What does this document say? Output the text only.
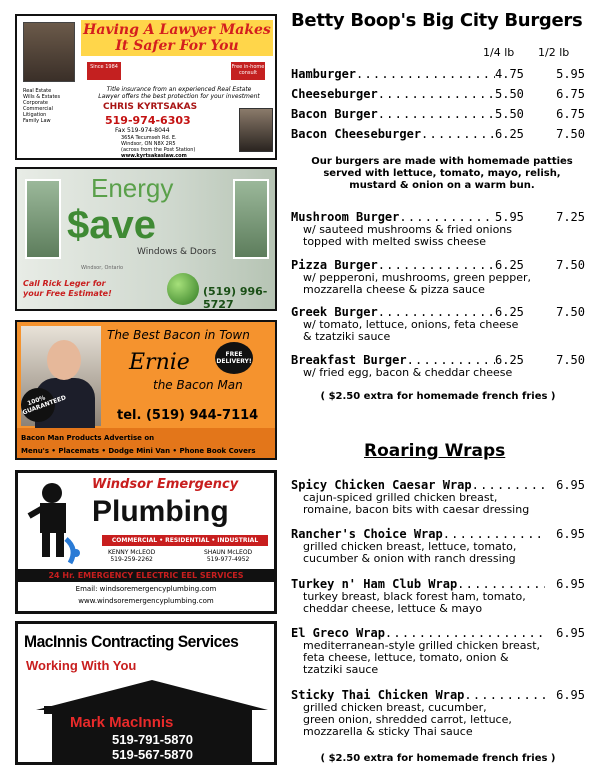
Real Estate
Wills & Estates
Corporate
Commercial
Litigation
Family Law
Having A Lawyer Makes It Safer For You
Since 1984	Free in-home consult
Title insurance from an experienced Real Estate Lawyer offers the best protection for your investment
CHRIS KYRTSAKAS
519-974-6303
Fax 519-974-8044
365A Tecumseh Rd. E.
Windsor, ON N8X 2R5
(across from the Post Station)
www.kyrtsakaslaw.com
Energy
$ave
Windows & Doors
Windsor, Ontario
Call Rick Leger for
your Free Estimate!	(519) 996-5727
100% GUARANTEED
The Best Bacon in Town
Ernie
the Bacon Man
FREE DELIVERY!
tel. (519) 944-7114
Bacon Man Products Advertise on
Menu's • Placemats • Dodge Mini Van • Phone Book Covers
Windsor Emergency
Plumbing
COMMERCIAL • RESIDENTIAL • INDUSTRIAL
KENNY McLEOD
519-259-2262
SHAUN McLEOD
519-977-4952
24 Hr. EMERGENCY ELECTRIC EEL SERVICES
Email: windsoremergencyplumbing.com
www.windsoremergencyplumbing.com
MacInnis Contracting Services
Working With You
Mark MacInnis
519-791-5870
519-567-5870
Betty Boop's Big City Burgers
1/4 lb 1/2 lb
Hamburger . . .	4.75	5.95
Cheeseburger . . .	5.50	6.75
Bacon Burger . . .	5.50	6.75
Bacon Cheeseburger . . .	6.25	7.50
Our burgers are made with homemade patties served with lettuce, tomato, mayo, relish, mustard & onion on a warm bun.
Mushroom Burger . . .	5.95	7.25
w/ sauteed mushrooms & fried onions
topped with melted swiss cheese
Pizza Burger . . .	6.25	7.50
w/ pepperoni, mushrooms, green pepper,
mozzarella cheese & pizza sauce
Greek Burger . . .	6.25	7.50
w/ tomato, lettuce, onions, feta cheese
& tzatziki sauce
Breakfast Burger . . .	6.25	7.50
w/ fried egg, bacon & cheddar cheese
( $2.50 extra for homemade french fries )
Roaring Wraps
Spicy Chicken Caesar Wrap . . .	6.95
cajun-spiced grilled chicken breast,
romaine, bacon bits with caesar dressing
Rancher's Choice Wrap . . .	6.95
grilled chicken breast, lettuce, tomato,
cucumber & onion with ranch dressing
Turkey n' Ham Club Wrap . . .	6.95
turkey breast, black forest ham, tomato,
cheddar cheese, lettuce & mayo
El Greco Wrap . . .	6.95
mediterranean-style grilled chicken breast,
feta cheese, lettuce, tomato, onion &
tzatziki sauce
Sticky Thai Chicken Wrap . . .	6.95
grilled chicken breast, cucumber,
green onion, shredded carrot, lettuce,
mozzarella & sticky Thai sauce
( $2.50 extra for homemade french fries )
